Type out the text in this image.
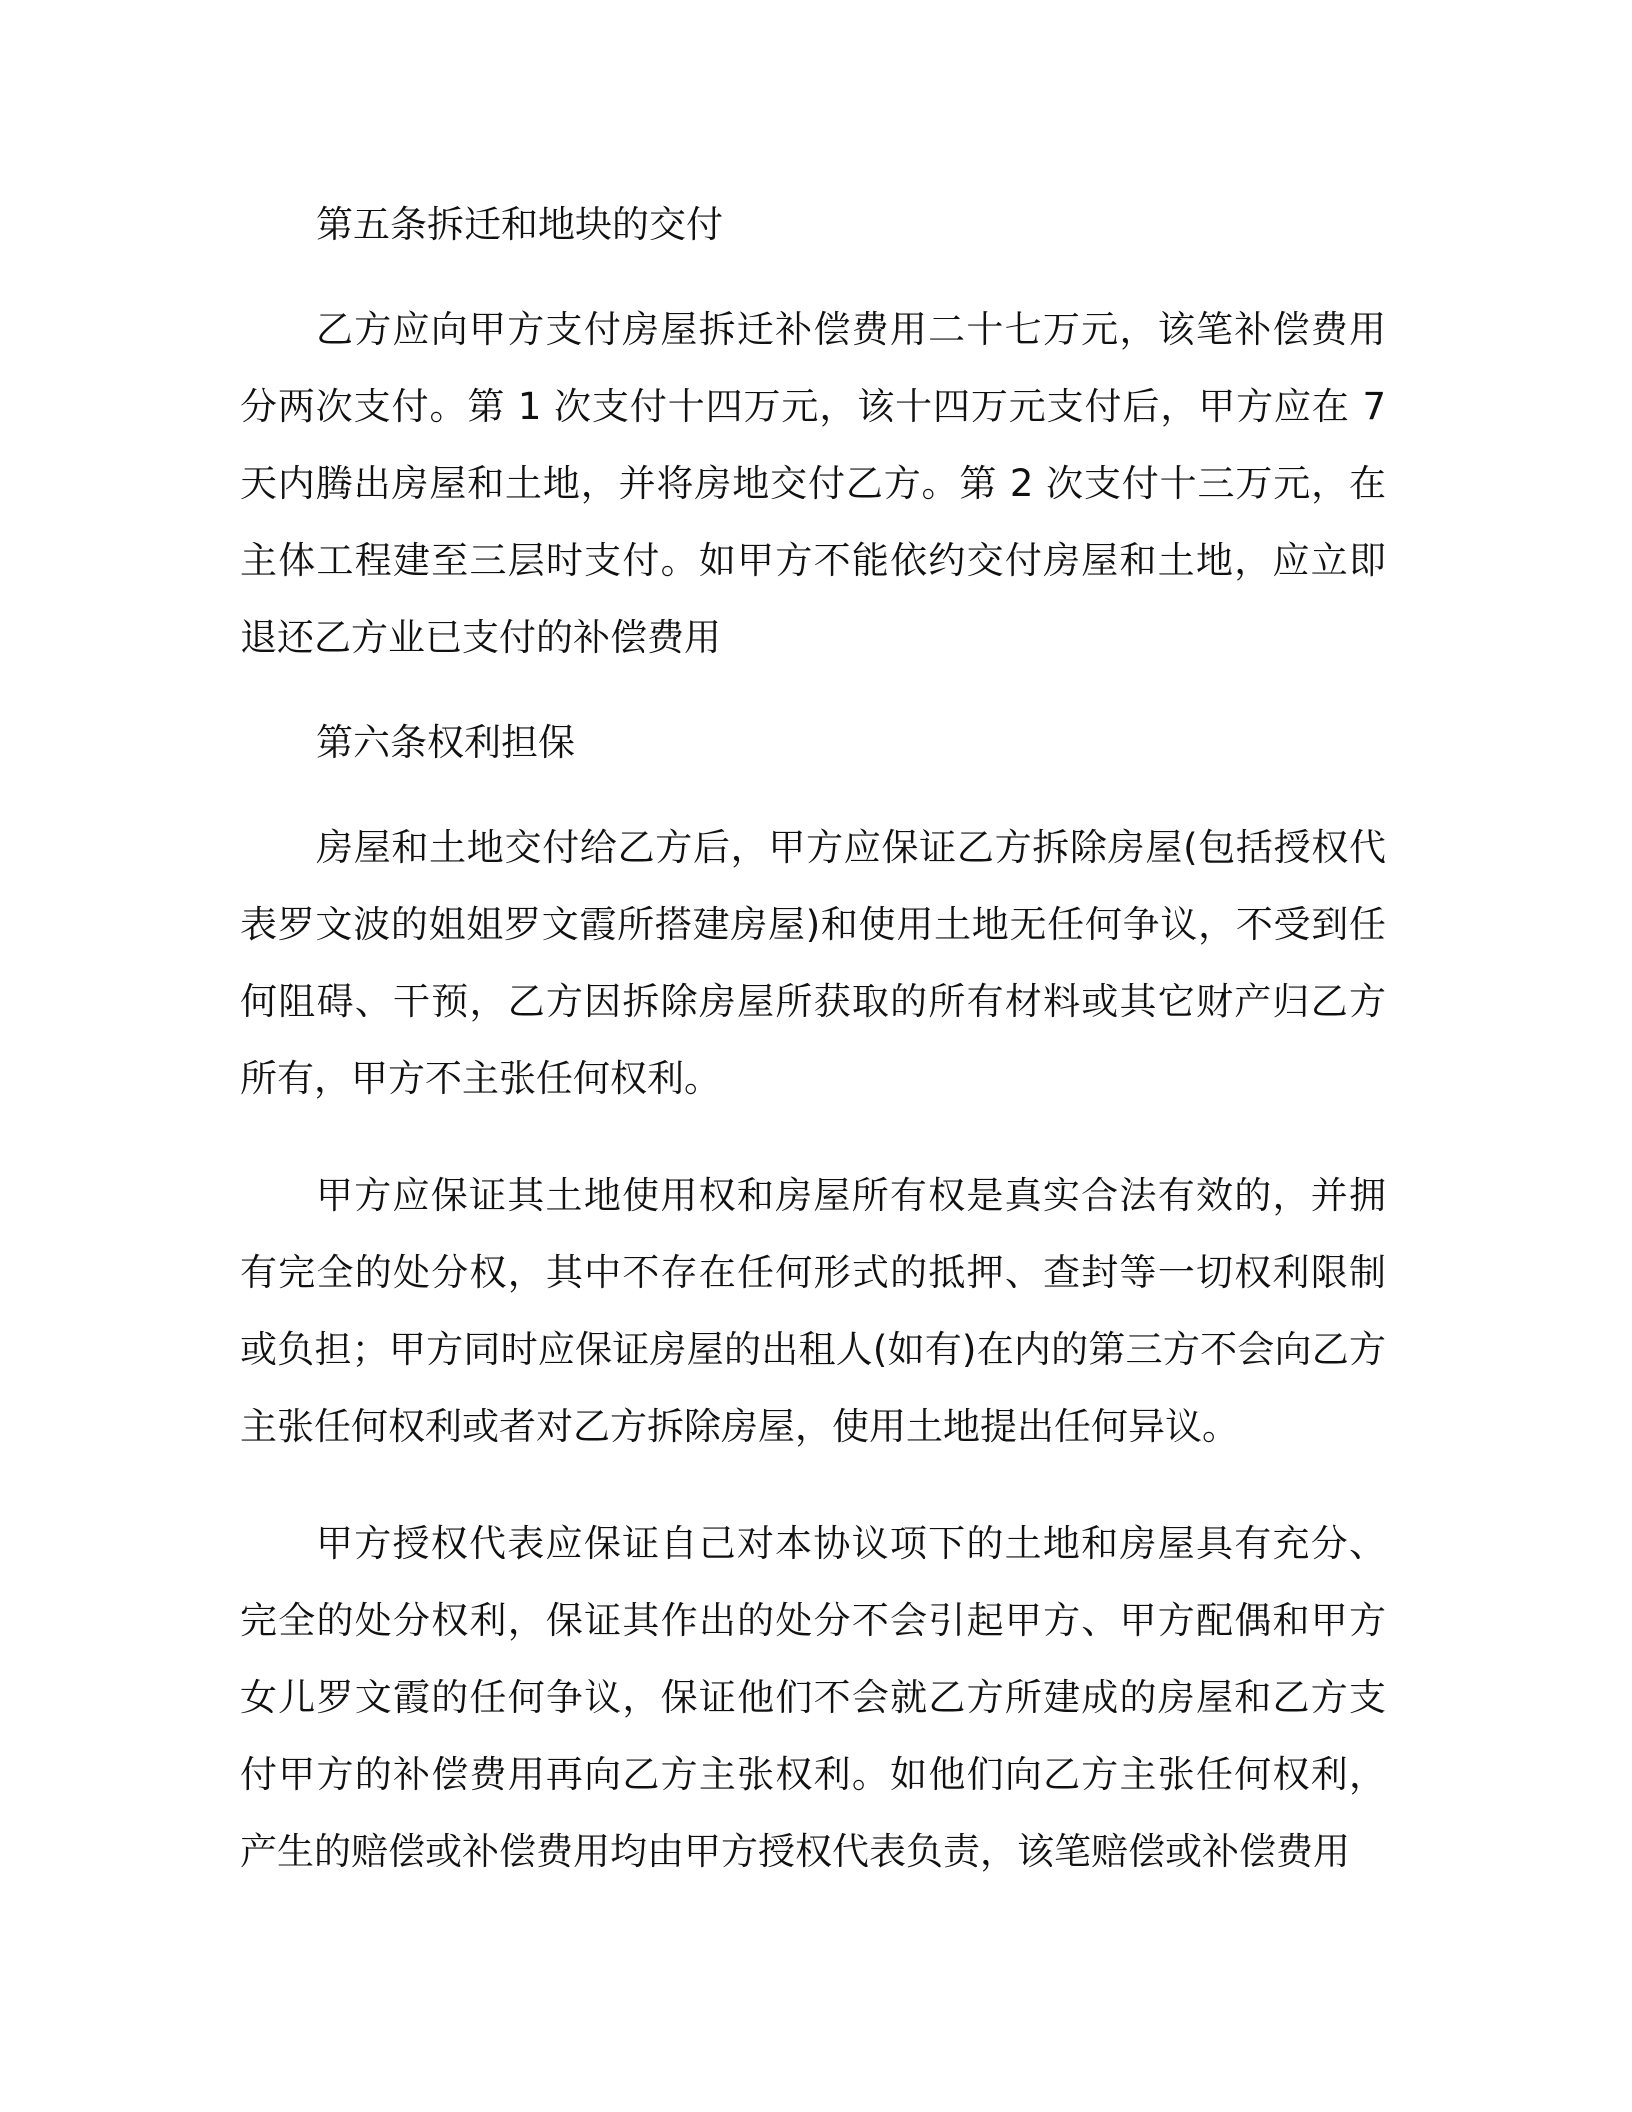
第五条拆迁和地块的交付

乙方应向甲方支付房屋拆迁补偿费用二十七万元，该笔补偿费用分两次支付。第 1 次支付十四万元，该十四万元支付后，甲方应在 7 天内腾出房屋和土地，并将房地交付乙方。第 2 次支付十三万元，在主体工程建至三层时支付。如甲方不能依约交付房屋和土地，应立即退还乙方业已支付的补偿费用

第六条权利担保

房屋和土地交付给乙方后，甲方应保证乙方拆除房屋(包括授权代表罗文波的姐姐罗文霞所搭建房屋)和使用土地无任何争议，不受到任何阻碍、干预，乙方因拆除房屋所获取的所有材料或其它财产归乙方所有，甲方不主张任何权利。

甲方应保证其土地使用权和房屋所有权是真实合法有效的，并拥有完全的处分权，其中不存在任何形式的抵押、查封等一切权利限制或负担；甲方同时应保证房屋的出租人(如有)在内的第三方不会向乙方主张任何权利或者对乙方拆除房屋，使用土地提出任何异议。

甲方授权代表应保证自己对本协议项下的土地和房屋具有充分、完全的处分权利，保证其作出的处分不会引起甲方、甲方配偶和甲方女儿罗文霞的任何争议，保证他们不会就乙方所建成的房屋和乙方支付甲方的补偿费用再向乙方主张权利。如他们向乙方主张任何权利，产生的赔偿或补偿费用均由甲方授权代表负责，该笔赔偿或补偿费用
